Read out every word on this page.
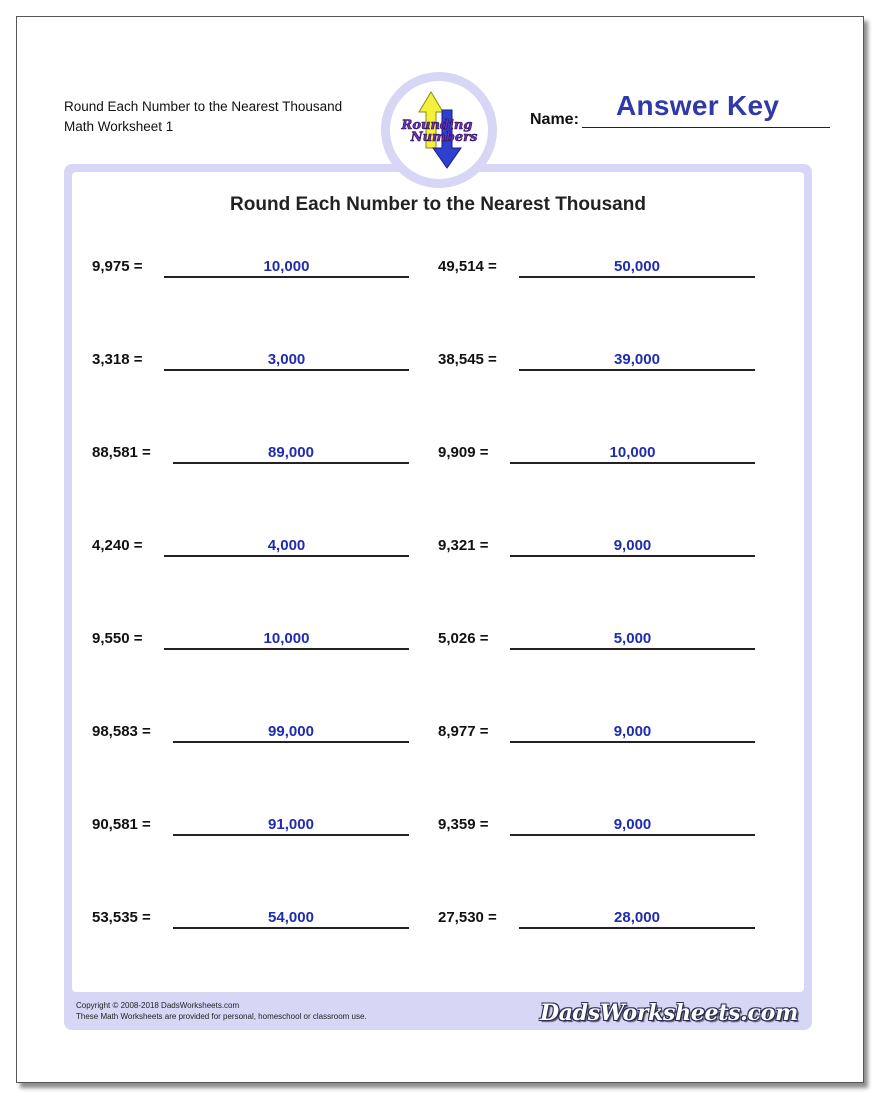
Round Each Number to the Nearest Thousand
Math Worksheet 1	Rounding
Numbers
Name: Answer Key
Round Each Number to the Nearest Thousand
9,975 =	10,000	49,514 =	50,000
3,318 =	3,000	38,545 =	39,000
88,581 =	89,000	9,909 =	10,000
4,240 =	4,000	9,321 =	9,000
9,550 =	10,000	5,026 =	5,000
98,583 =	99,000	8,977 =	9,000
90,581 =	91,000	9,359 =	9,000
53,535 =	54,000	27,530 =	28,000
Copyright © 2008-2018 DadsWorksheets.com
These Math Worksheets are provided for personal, homeschool or classroom use.	DadsWorksheets.com
